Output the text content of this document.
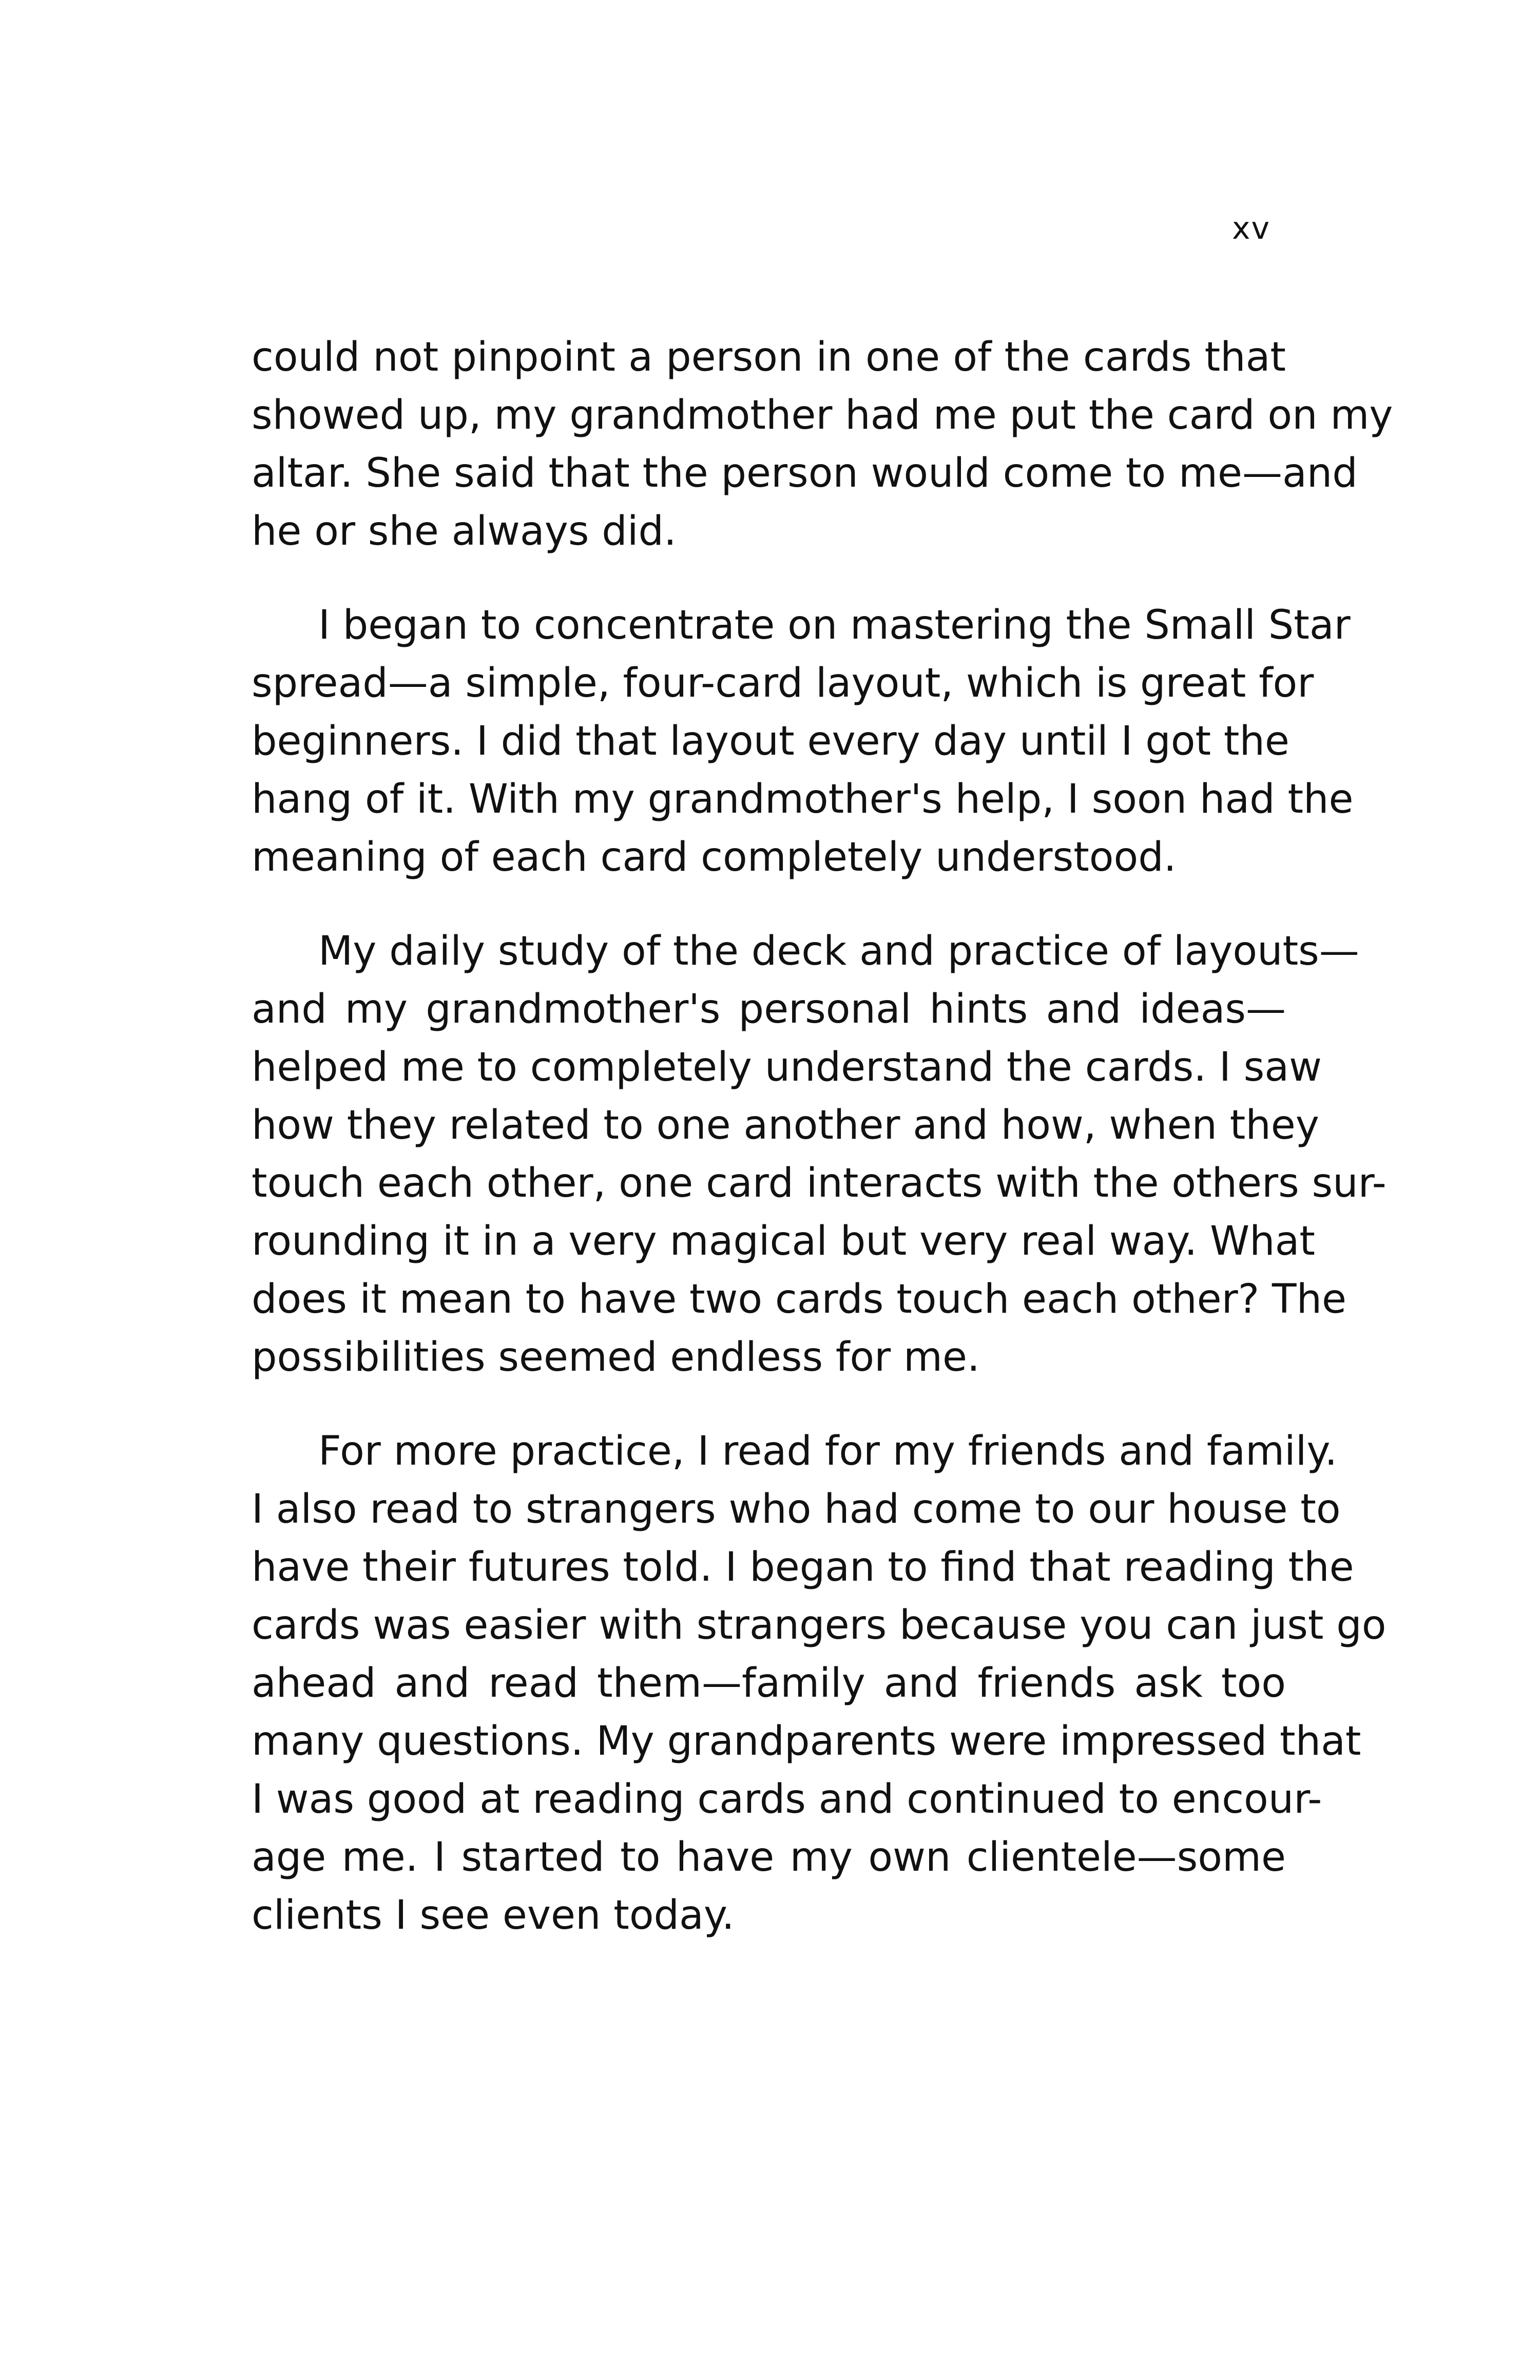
xv
could not pinpoint a person in one of the cards that
showed up, my grandmother had me put the card on my
altar. She said that the person would come to me—and
he or she always did.
I began to concentrate on mastering the Small Star
spread—a simple, four-card layout, which is great for
beginners. I did that layout every day until I got the
hang of it. With my grandmother's help, I soon had the
meaning of each card completely understood.
My daily study of the deck and practice of layouts—
and my grandmother's personal hints and ideas—
helped me to completely understand the cards. I saw
how they related to one another and how, when they
touch each other, one card interacts with the others sur-
rounding it in a very magical but very real way. What
does it mean to have two cards touch each other? The
possibilities seemed endless for me.
For more practice, I read for my friends and family.
I also read to strangers who had come to our house to
have their futures told. I began to find that reading the
cards was easier with strangers because you can just go
ahead and read them—family and friends ask too
many questions. My grandparents were impressed that
I was good at reading cards and continued to encour-
age me. I started to have my own clientele—some
clients I see even today.
